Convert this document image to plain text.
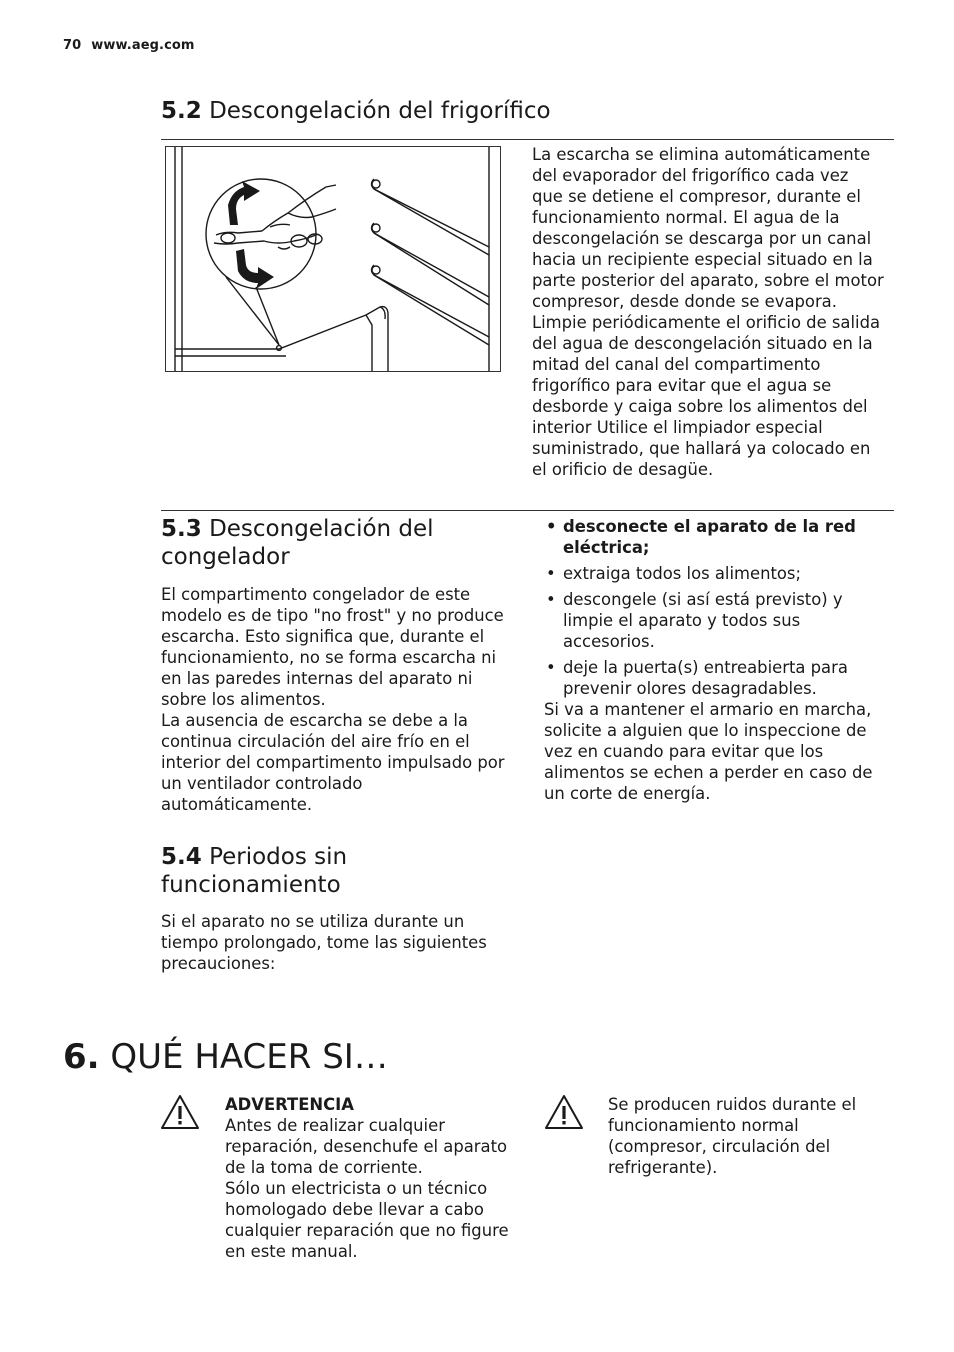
70 www.aeg.com
5.2 Descongelación del frigorífico

La escarcha se elimina automáticamente del evaporador del frigorífico cada vez que se detiene el compresor, durante el funcionamiento normal. El agua de la descongelación se descarga por un canal hacia un recipiente especial situado en la parte posterior del aparato, sobre el motor compresor, desde donde se evapora.

Limpie periódicamente el orificio de salida del agua de descongelación situado en la mitad del canal del compartimento frigorífico para evitar que el agua se desborde y caiga sobre los alimentos del interior Utilice el limpiador especial suministrado, que hallará ya colocado en el orificio de desagüe.

5.3 Descongelación del
congelador

El compartimento congelador de este modelo es de tipo "no frost" y no produce escarcha. Esto significa que, durante el funcionamiento, no se forma escarcha ni en las paredes internas del aparato ni sobre los alimentos.

La ausencia de escarcha se debe a la continua circulación del aire frío en el interior del compartimento impulsado por un ventilador controlado automáticamente.

5.4 Periodos sin
funcionamiento

Si el aparato no se utiliza durante un tiempo prolongado, tome las siguientes precauciones:

• desconecte el aparato de la red eléctrica;
• extraiga todos los alimentos;
• descongele (si así está previsto) y limpie el aparato y todos sus accesorios.
• deje la puerta(s) entreabierta para prevenir olores desagradables.

Si va a mantener el armario en marcha, solicite a alguien que lo inspeccione de vez en cuando para evitar que los alimentos se echen a perder en caso de un corte de energía.

6. QUÉ HACER SI…

ADVERTENCIA

Antes de realizar cualquier reparación, desenchufe el aparato de la toma de corriente.

Sólo un electricista o un técnico homologado debe llevar a cabo cualquier reparación que no figure en este manual.

Se producen ruidos durante el funcionamiento normal (compresor, circulación del refrigerante).
